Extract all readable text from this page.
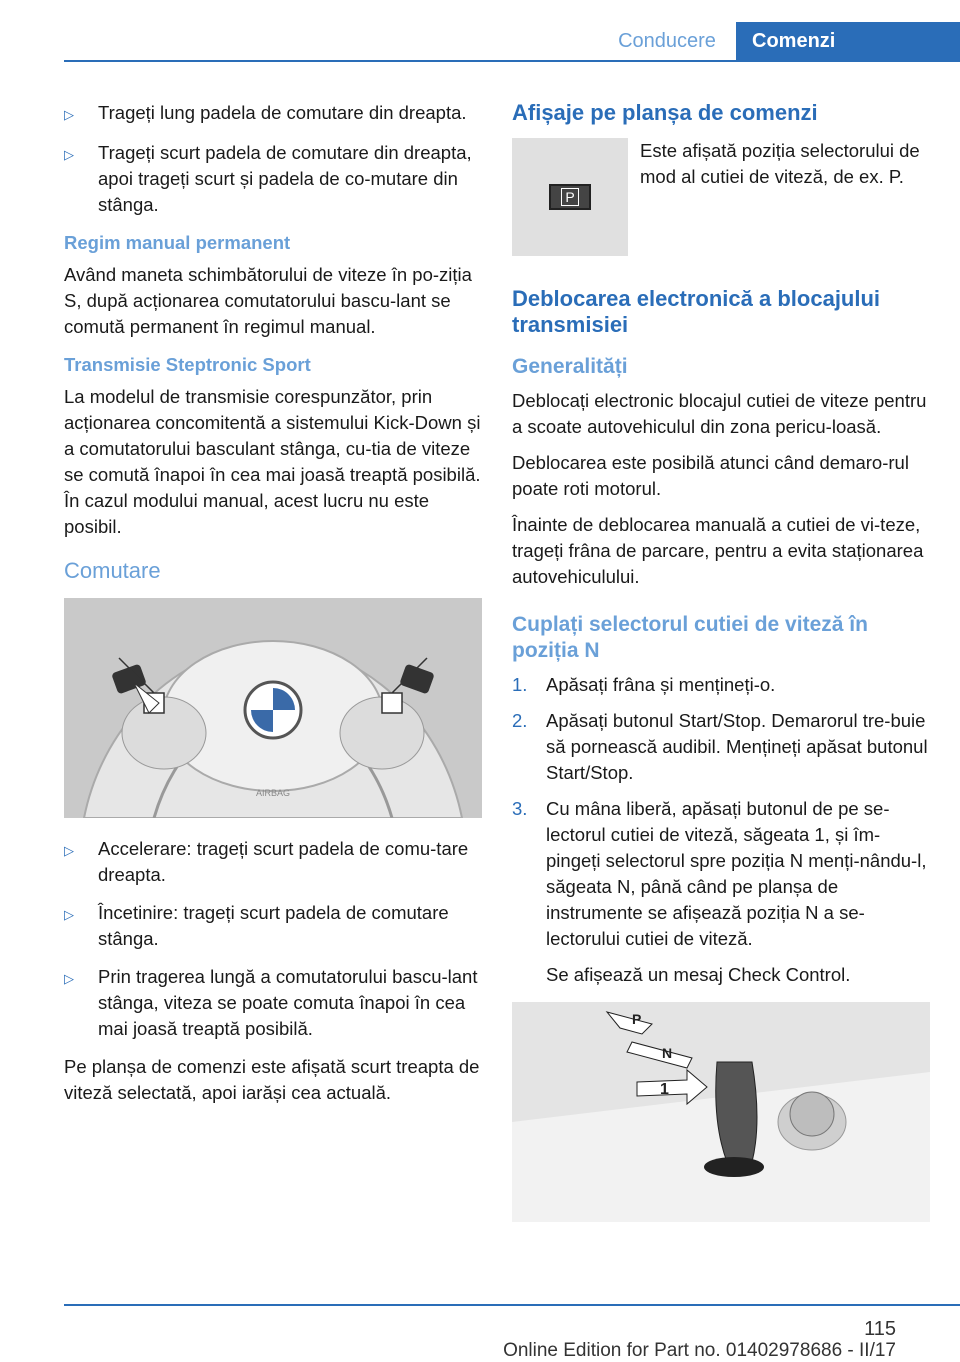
Conducere	Comenzi
▷	Trageți lung padela de comutare din dreapta.
▷	Trageți scurt padela de comutare din dreapta, apoi trageți scurt și padela de co-mutare din stânga.
Regim manual permanent

Având maneta schimbătorului de viteze în po-ziția S, după acționarea comutatorului bascu-lant se comută permanent în regimul manual.

Transmisie Steptronic Sport

La modelul de transmisie corespunzător, prin acționarea concomitentă a sistemului Kick-Down și a comutatorului basculant stânga, cu-tia de viteze se comută înapoi în cea mai joasă treaptă posibilă. În cazul modului manual, acest lucru nu este posibil.

Comutare
AIRBAG
▷	Accelerare: trageți scurt padela de comu-tare dreapta.
▷	Încetinire: trageți scurt padela de comutare stânga.
▷	Prin tragerea lungă a comutatorului bascu-lant stânga, viteza se poate comuta înapoi în cea mai joasă treaptă posibilă.

Pe planșa de comenzi este afișată scurt treapta de viteză selectată, apoi iarăși cea actuală.

Afișaje pe planșa de comenzi
P

Este afișată poziția selectorului de mod al cutiei de viteză, de ex. P.

Deblocarea electronică a blocajului transmisiei
Generalități

Deblocați electronic blocajul cutiei de viteze pentru a scoate autovehiculul din zona pericu-loasă.

Deblocarea este posibilă atunci când demaro-rul poate roti motorul.

Înainte de deblocarea manuală a cutiei de vi-teze, trageți frâna de parcare, pentru a evita staționarea autovehiculului.

Cuplați selectorul cutiei de viteză în poziția N
1.	Apăsați frâna și mențineți-o.
2.	Apăsați butonul Start/Stop. Demarorul tre-buie să pornească audibil. Mențineți apăsat butonul Start/Stop.
3.	Cu mâna liberă, apăsați butonul de pe se-lectorul cutiei de viteză, săgeata 1, și îm-pingeți selectorul spre poziția N menți-nându-l, săgeata N, până când pe planșa de instrumente se afișează poziția N a se-lectorului cutiei de viteză.

Se afișează un mesaj Check Control.

P
N
1
115
Online Edition for Part no. 01402978686 - II/17
